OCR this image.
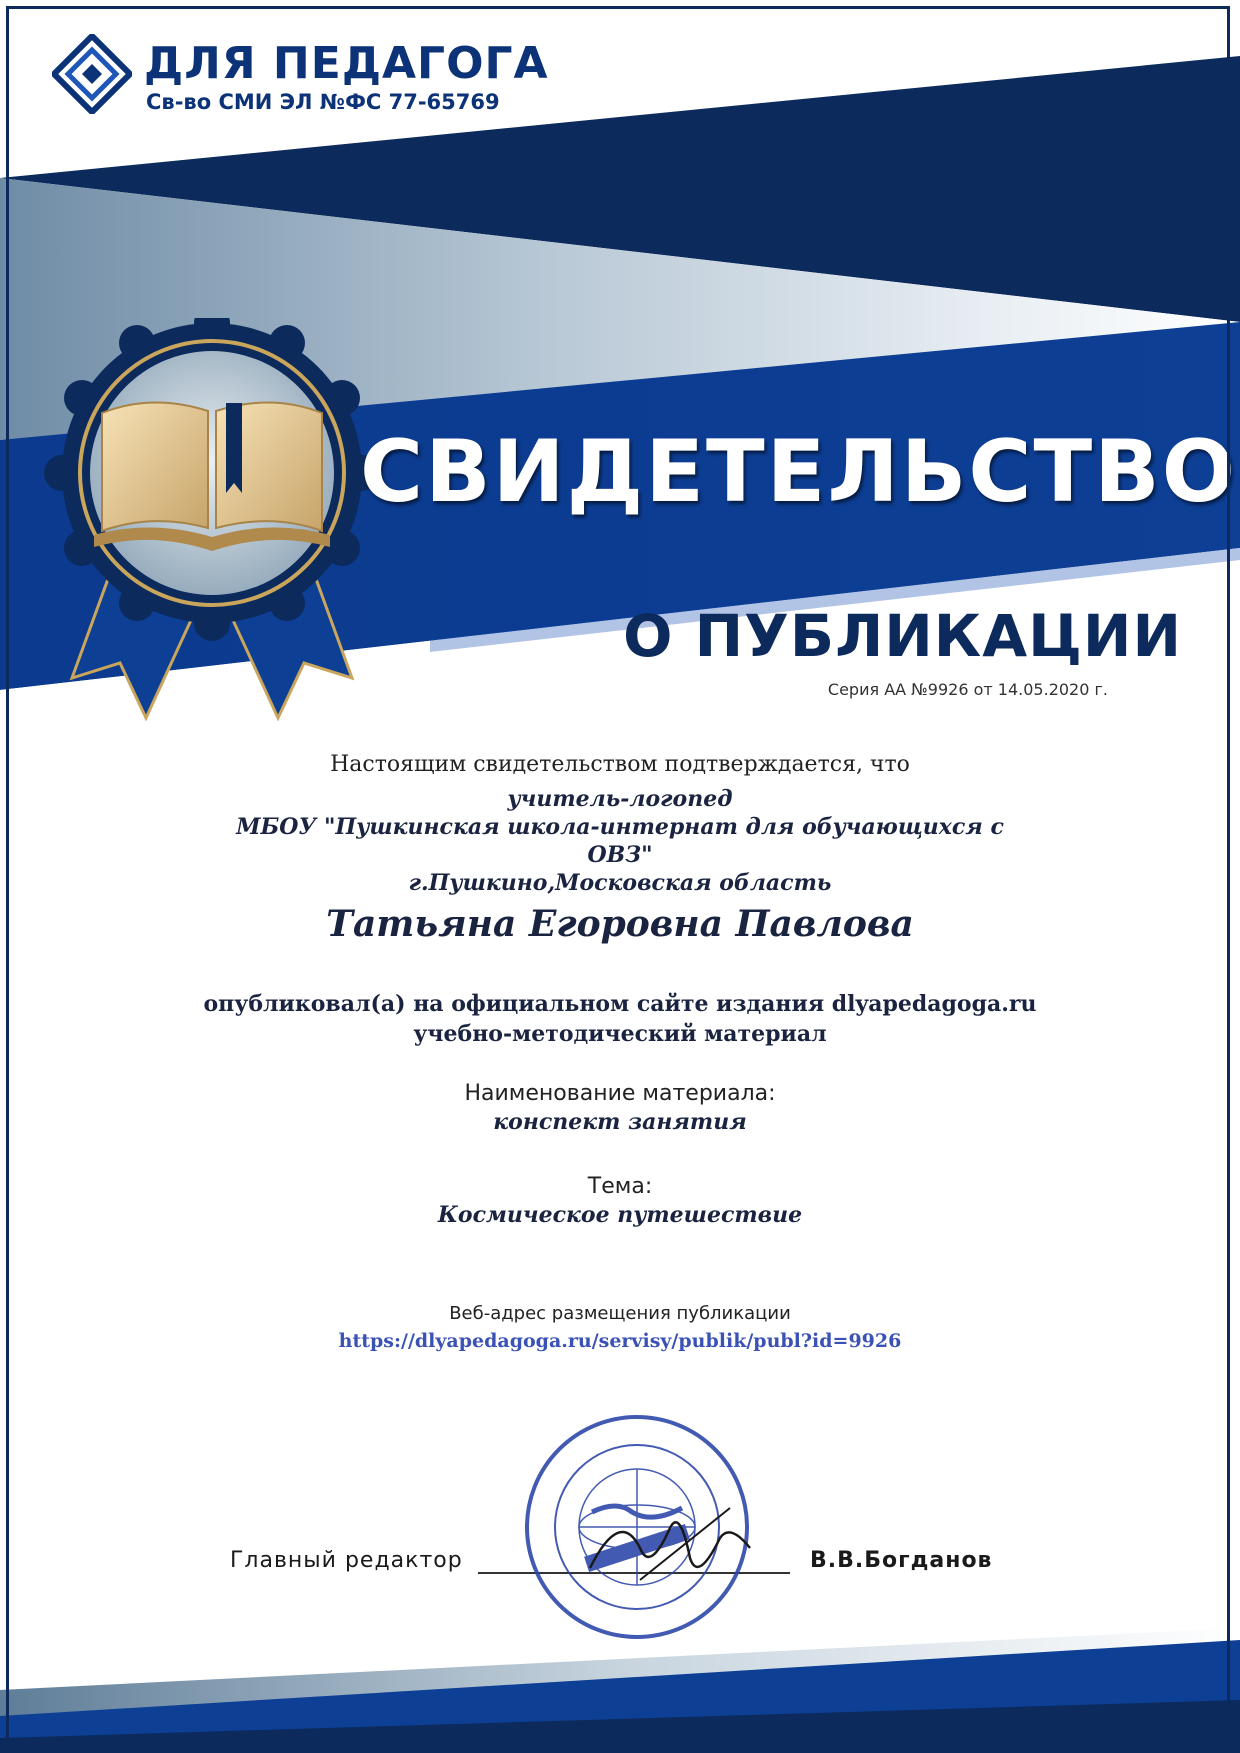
ДЛЯ ПЕДАГОГА
Св-во СМИ ЭЛ №ФС 77-65769
СВИДЕТЕЛЬСТВО
О ПУБЛИКАЦИИ
Серия АА №9926 от 14.05.2020 г.
Настоящим свидетельством подтверждается, что
учитель-логопед
МБОУ "Пушкинская школа-интернат для обучающихся с
ОВЗ"
г.Пушкино,Московская область
Татьяна Егоровна Павлова
опубликовал(а) на официальном сайте издания dlyapedagoga.ru
учебно-методический материал
Наименование материала:
конспект занятия
Тема:
Космическое путешествие
Веб-адрес размещения публикации
https://dlyapedagoga.ru/servisy/publik/publ?id=9926
Главный редактор	В.В.Богданов
